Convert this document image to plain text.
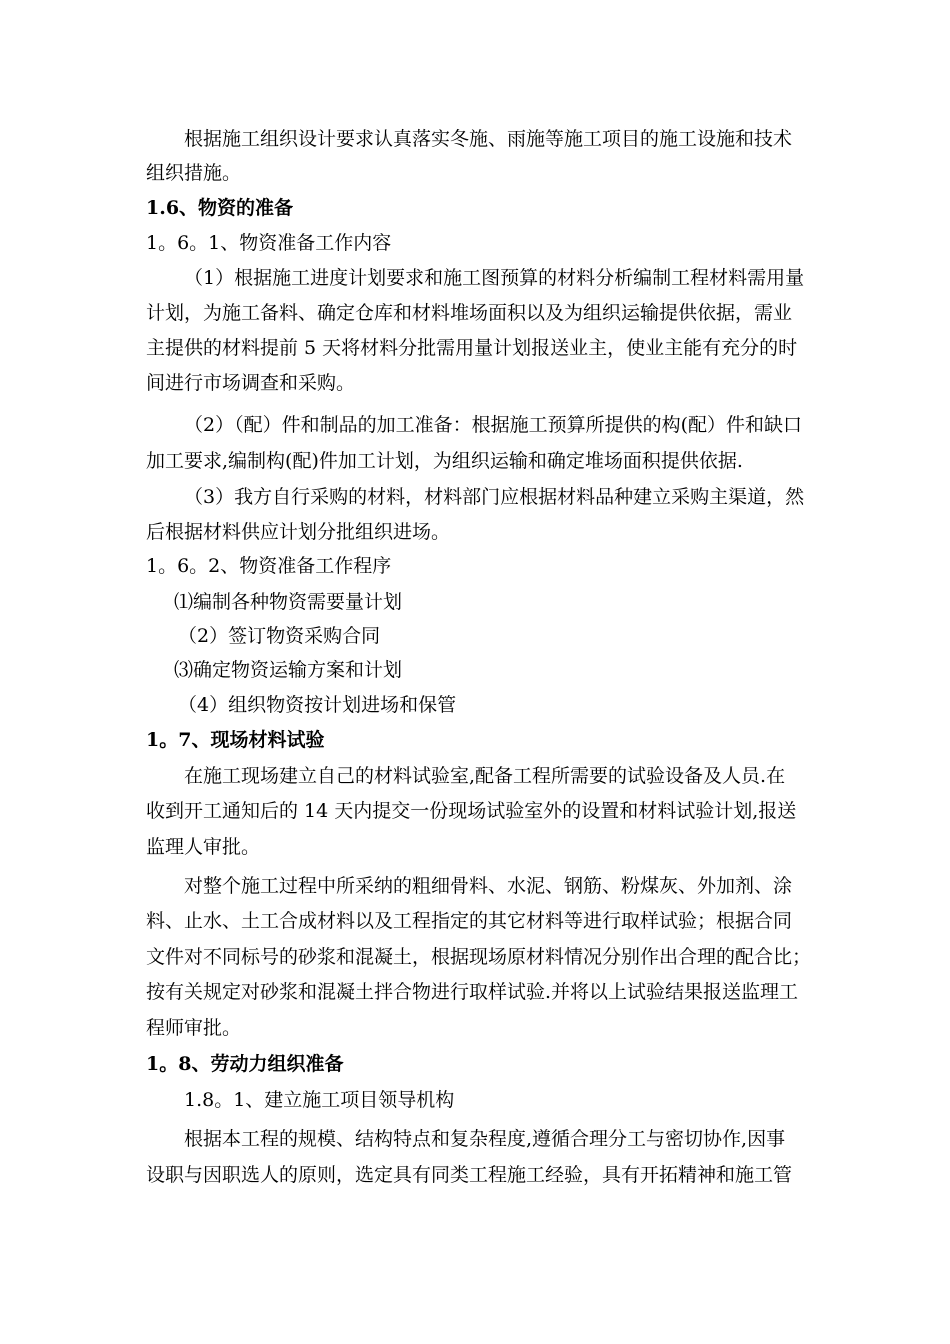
根据施工组织设计要求认真落实冬施、雨施等施工项目的施工设施和技术
组织措施。
1.6、物资的准备
1。6。1、物资准备工作内容
（1）根据施工进度计划要求和施工图预算的材料分析编制工程材料需用量
计划，为施工备料、确定仓库和材料堆场面积以及为组织运输提供依据，需业
主提供的材料提前 5 天将材料分批需用量计划报送业主，使业主能有充分的时
间进行市场调查和采购。
（2）（配）件和制品的加工准备：根据施工预算所提供的构(配）件和缺口
加工要求,编制构(配)件加工计划，为组织运输和确定堆场面积提供依据.
（3）我方自行采购的材料，材料部门应根据材料品种建立采购主渠道，然
后根据材料供应计划分批组织进场。
1。6。2、物资准备工作程序
⑴编制各种物资需要量计划
（2）签订物资采购合同
⑶确定物资运输方案和计划
（4）组织物资按计划进场和保管
1。7、现场材料试验
在施工现场建立自己的材料试验室,配备工程所需要的试验设备及人员.在
收到开工通知后的 14 天内提交一份现场试验室外的设置和材料试验计划,报送
监理人审批。
对整个施工过程中所采纳的粗细骨料、水泥、钢筋、粉煤灰、外加剂、涂
料、止水、土工合成材料以及工程指定的其它材料等进行取样试验；根据合同
文件对不同标号的砂浆和混凝土，根据现场原材料情况分别作出合理的配合比；
按有关规定对砂浆和混凝土拌合物进行取样试验.并将以上试验结果报送监理工
程师审批。
1。8、劳动力组织准备
1.8。1、建立施工项目领导机构
根据本工程的规模、结构特点和复杂程度,遵循合理分工与密切协作,因事
设职与因职选人的原则，选定具有同类工程施工经验，具有开拓精神和施工管
